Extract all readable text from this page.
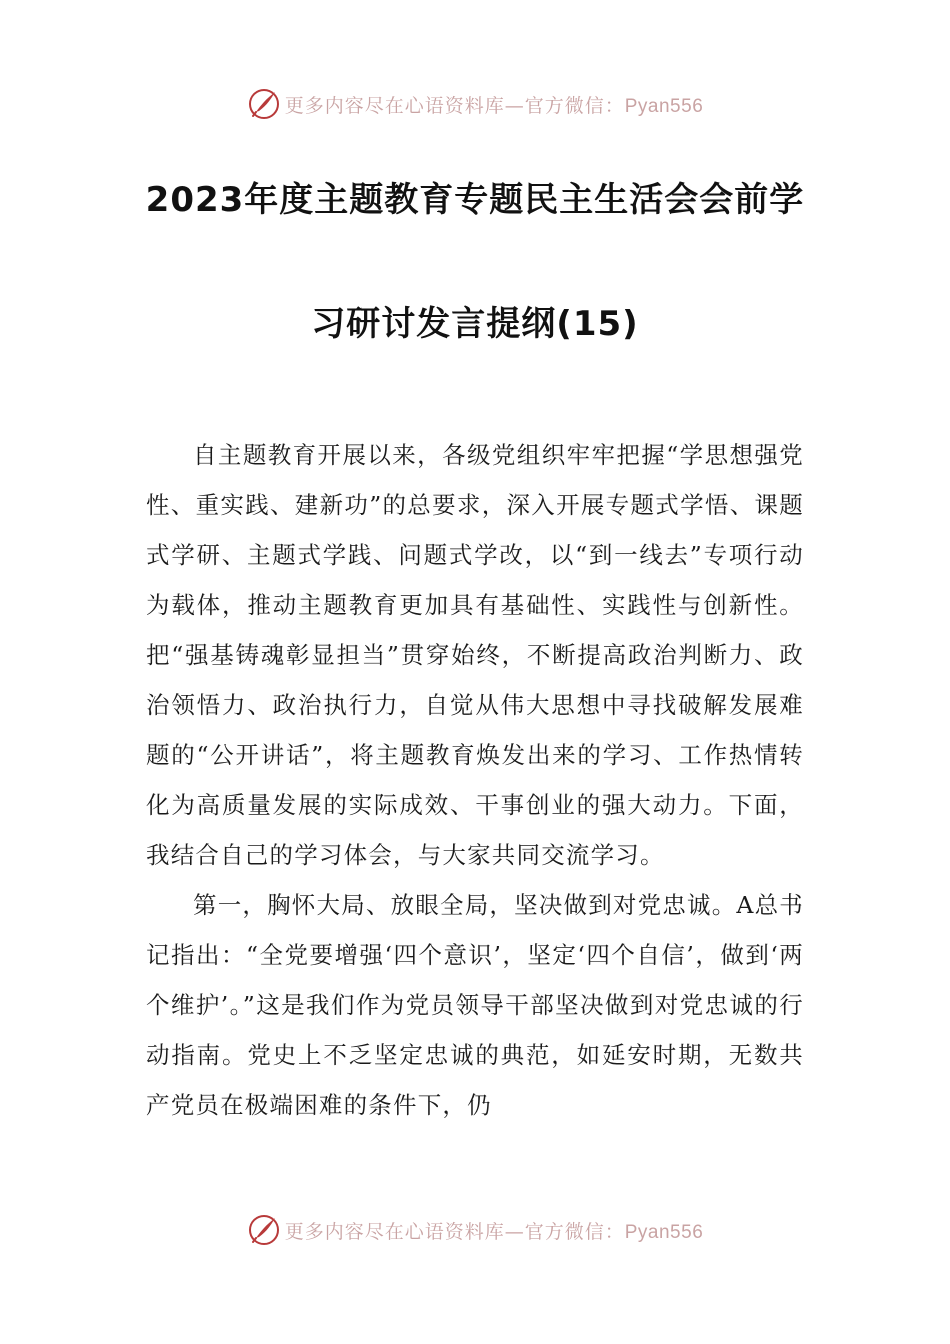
更多内容尽在心语资料库—官方微信：Pyan556
2023年度主题教育专题民主生活会会前学
习研讨发言提纲(15)

自主题教育开展以来，各级党组织牢牢把握“学思想强党性、重实践、建新功”的总要求，深入开展专题式学悟、课题式学研、主题式学践、问题式学改，以“到一线去”专项行动为载体，推动主题教育更加具有基础性、实践性与创新性。把“强基铸魂彰显担当”贯穿始终，不断提高政治判断力、政治领悟力、政治执行力，自觉从伟大思想中寻找破解发展难题的“公开讲话”，将主题教育焕发出来的学习、工作热情转化为高质量发展的实际成效、干事创业的强大动力。下面，我结合自己的学习体会，与大家共同交流学习。

第一，胸怀大局、放眼全局，坚决做到对党忠诚。A总书记指出：“全党要增强‘四个意识’，坚定‘四个自信’，做到‘两个维护’。”这是我们作为党员领导干部坚决做到对党忠诚的行动指南。党史上不乏坚定忠诚的典范，如延安时期，无数共产党员在极端困难的条件下，仍

更多内容尽在心语资料库—官方微信：Pyan556
